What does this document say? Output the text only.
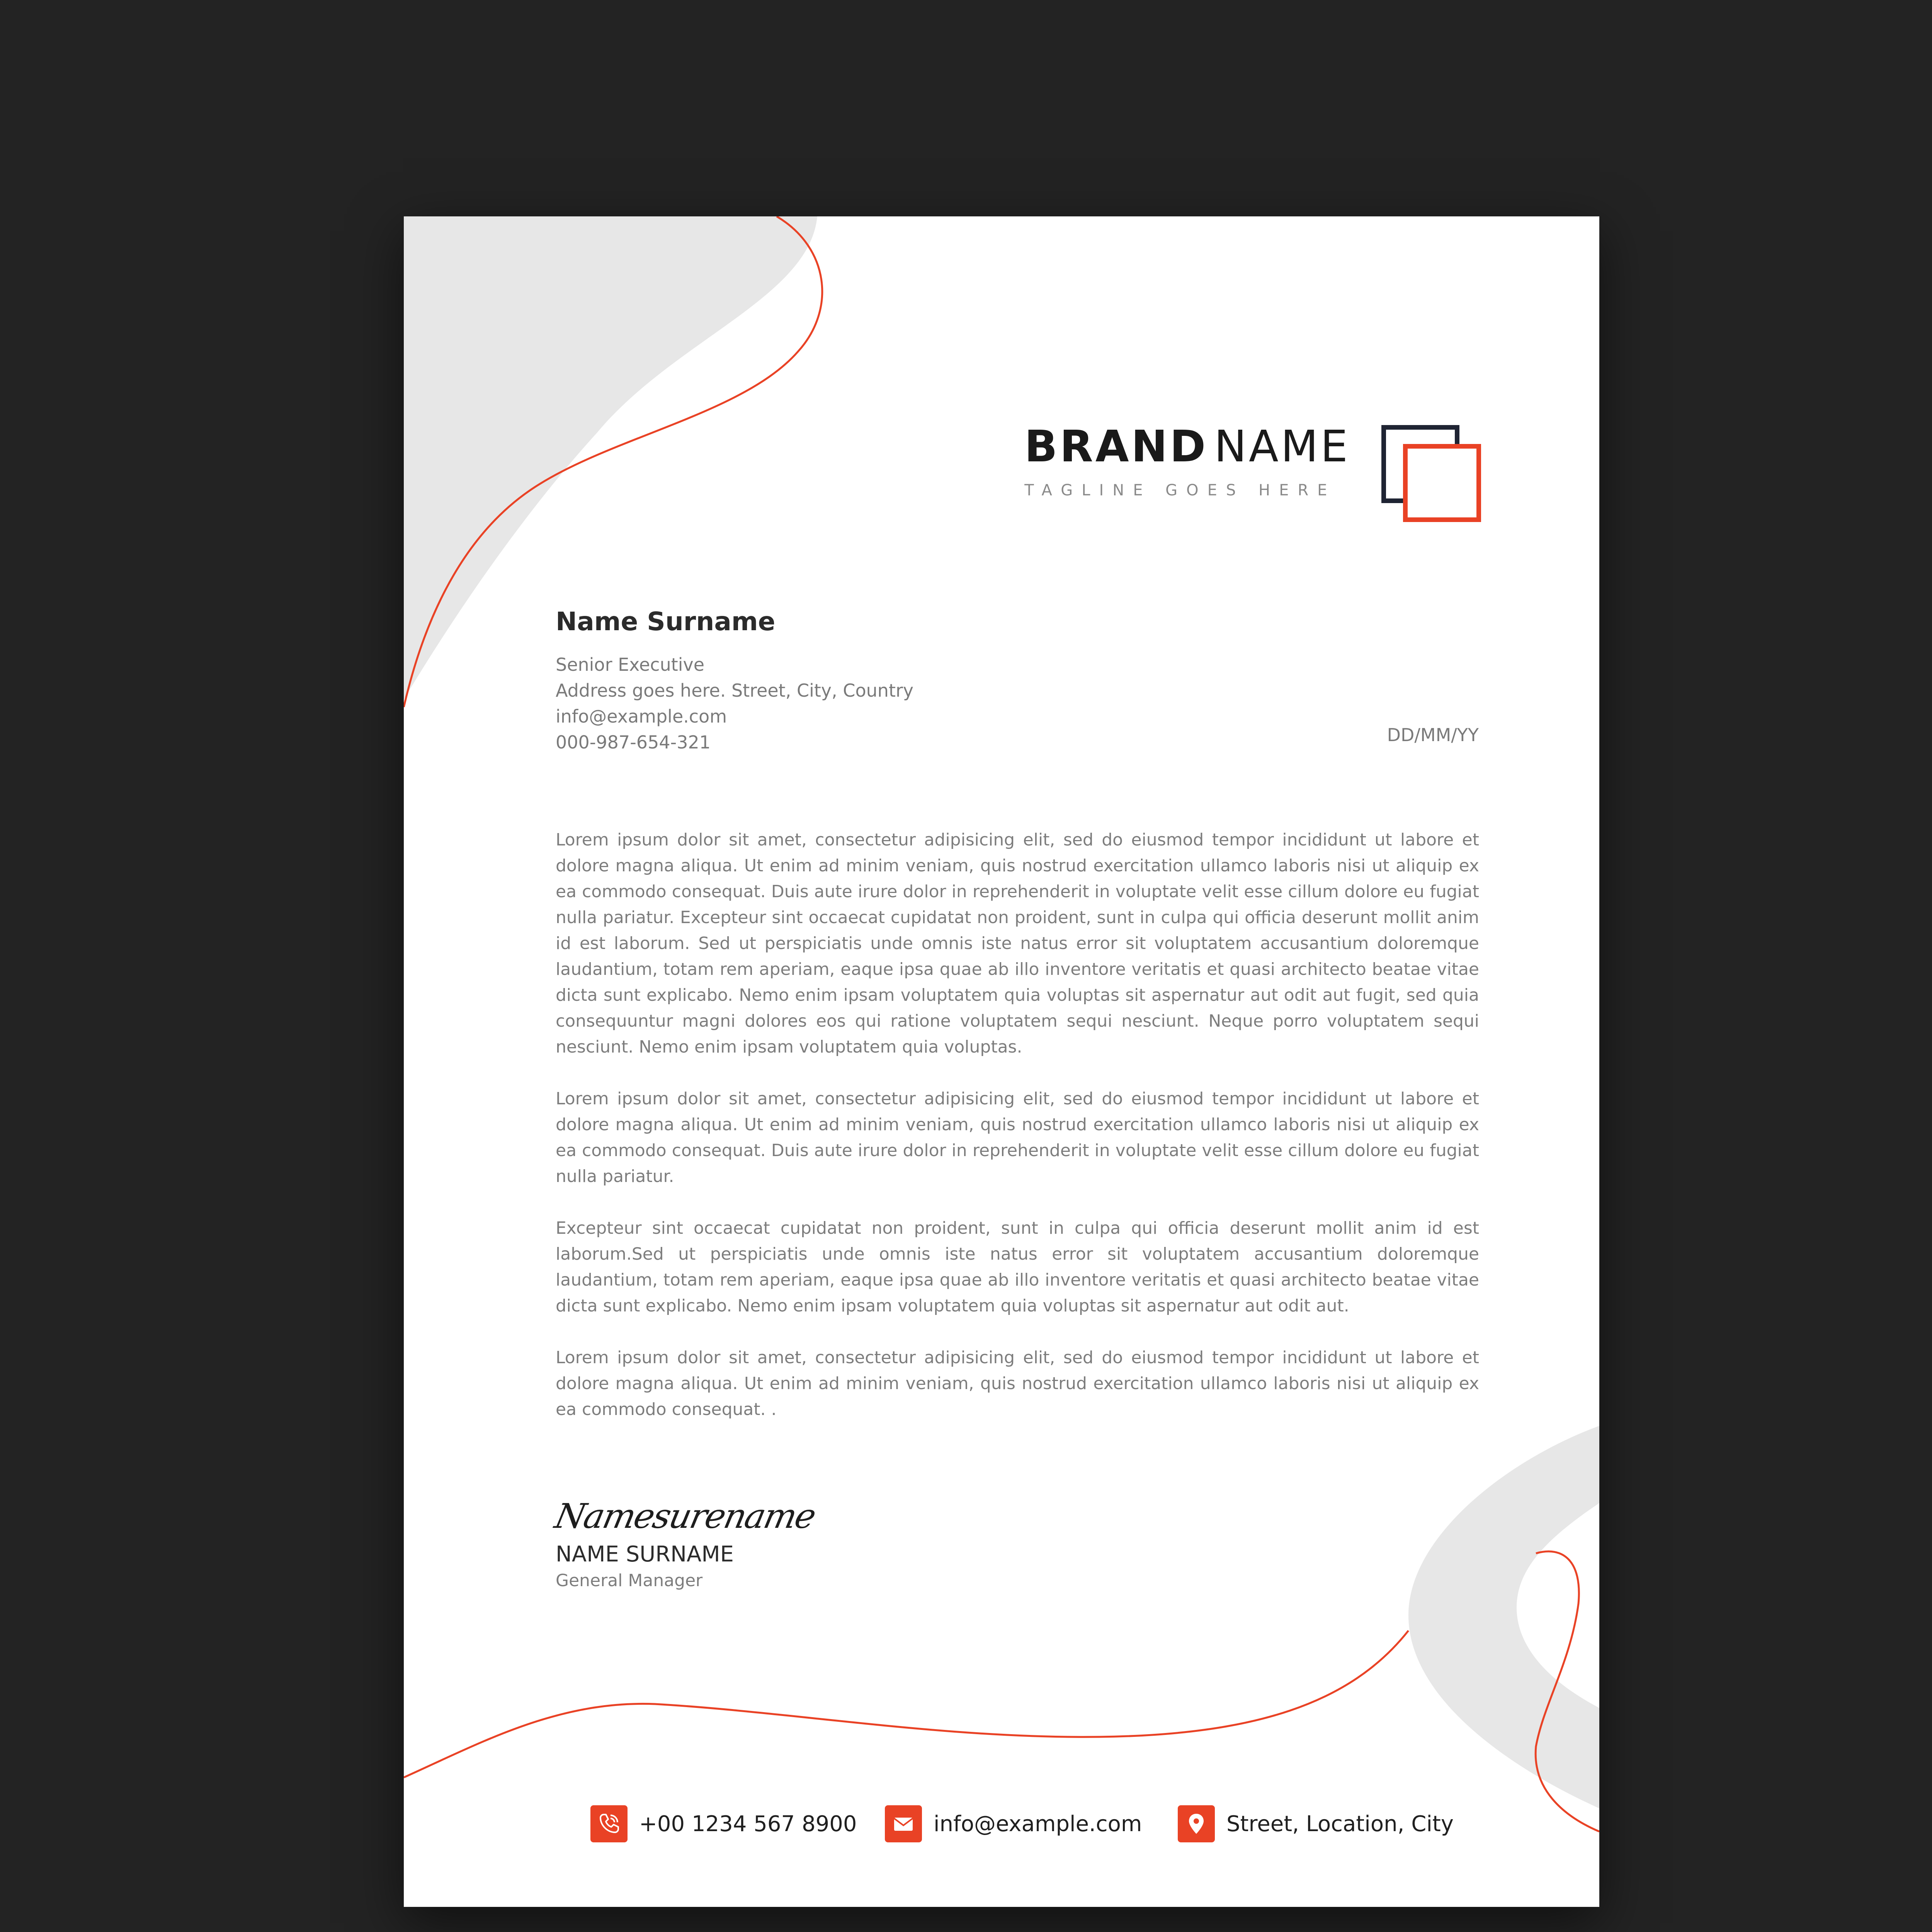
BRAND NAME
TAGLINE GOES HERE
Name Surname
Senior Executive
Address goes here. Street, City, Country
info@example.com
000-987-654-321	DD/MM/YY

Lorem ipsum dolor sit amet, consectetur adipisicing elit, sed do eiusmod tempor incididunt ut labore et dolore magna aliqua. Ut enim ad minim veniam, quis nostrud exercitation ullamco laboris nisi ut aliquip ex ea commodo consequat. Duis aute irure dolor in reprehenderit in voluptate velit esse cillum dolore eu fugiat nulla pariatur. Excepteur sint occaecat cupidatat non proident, sunt in culpa qui officia deserunt mollit anim id est laborum. Sed ut perspiciatis unde omnis iste natus error sit voluptatem accusantium doloremque laudantium, totam rem aperiam, eaque ipsa quae ab illo inventore veritatis et quasi architecto beatae vitae dicta sunt explicabo. Nemo enim ipsam voluptatem quia voluptas sit aspernatur aut odit aut fugit, sed quia consequuntur magni dolores eos qui ratione voluptatem sequi nesciunt. Neque porro voluptatem sequi nesciunt. Nemo enim ipsam voluptatem quia voluptas.

Lorem ipsum dolor sit amet, consectetur adipisicing elit, sed do eiusmod tempor incididunt ut labore et dolore magna aliqua. Ut enim ad minim veniam, quis nostrud exercitation ullamco laboris nisi ut aliquip ex ea commodo consequat. Duis aute irure dolor in reprehenderit in voluptate velit esse cillum dolore eu fugiat nulla pariatur.

Excepteur sint occaecat cupidatat non proident, sunt in culpa qui officia deserunt mollit anim id est laborum.Sed ut perspiciatis unde omnis iste natus error sit voluptatem accusantium doloremque laudantium, totam rem aperiam, eaque ipsa quae ab illo inventore veritatis et quasi architecto beatae vitae dicta sunt explicabo. Nemo enim ipsam voluptatem quia voluptas sit aspernatur aut odit aut.

Lorem ipsum dolor sit amet, consectetur adipisicing elit, sed do eiusmod tempor incididunt ut labore et dolore magna aliqua. Ut enim ad minim veniam, quis nostrud exercitation ullamco laboris nisi ut aliquip ex ea commodo consequat. .

Namesurename
NAME SURNAME
General Manager
+00 1234 567 8900	info@example.com	Street, Location, City
